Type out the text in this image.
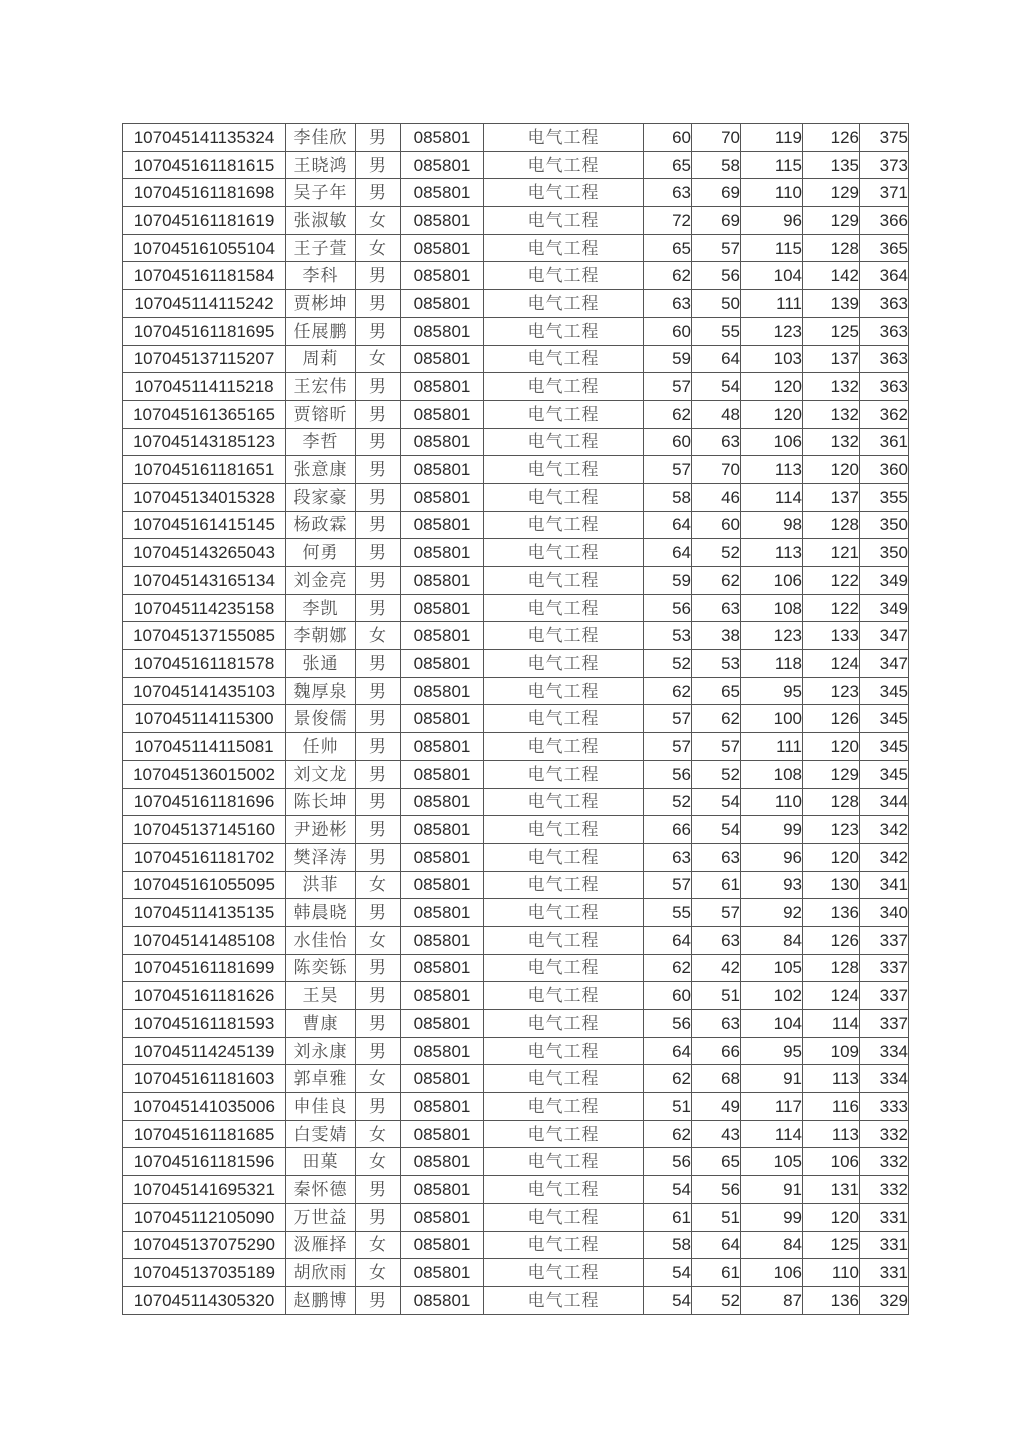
107045141135324	李佳欣	男	085801	电气工程	60	70	119	126	375
107045161181615	王晓鸿	男	085801	电气工程	65	58	115	135	373
107045161181698	吴子年	男	085801	电气工程	63	69	110	129	371
107045161181619	张淑敏	女	085801	电气工程	72	69	96	129	366
107045161055104	王子萱	女	085801	电气工程	65	57	115	128	365
107045161181584	李科	男	085801	电气工程	62	56	104	142	364
107045114115242	贾彬坤	男	085801	电气工程	63	50	111	139	363
107045161181695	任展鹏	男	085801	电气工程	60	55	123	125	363
107045137115207	周莉	女	085801	电气工程	59	64	103	137	363
107045114115218	王宏伟	男	085801	电气工程	57	54	120	132	363
107045161365165	贾镕昕	男	085801	电气工程	62	48	120	132	362
107045143185123	李哲	男	085801	电气工程	60	63	106	132	361
107045161181651	张意康	男	085801	电气工程	57	70	113	120	360
107045134015328	段家豪	男	085801	电气工程	58	46	114	137	355
107045161415145	杨政霖	男	085801	电气工程	64	60	98	128	350
107045143265043	何勇	男	085801	电气工程	64	52	113	121	350
107045143165134	刘金亮	男	085801	电气工程	59	62	106	122	349
107045114235158	李凯	男	085801	电气工程	56	63	108	122	349
107045137155085	李朝娜	女	085801	电气工程	53	38	123	133	347
107045161181578	张通	男	085801	电气工程	52	53	118	124	347
107045141435103	魏厚泉	男	085801	电气工程	62	65	95	123	345
107045114115300	景俊儒	男	085801	电气工程	57	62	100	126	345
107045114115081	任帅	男	085801	电气工程	57	57	111	120	345
107045136015002	刘文龙	男	085801	电气工程	56	52	108	129	345
107045161181696	陈长坤	男	085801	电气工程	52	54	110	128	344
107045137145160	尹逊彬	男	085801	电气工程	66	54	99	123	342
107045161181702	樊泽涛	男	085801	电气工程	63	63	96	120	342
107045161055095	洪菲	女	085801	电气工程	57	61	93	130	341
107045114135135	韩晨晓	男	085801	电气工程	55	57	92	136	340
107045141485108	水佳怡	女	085801	电气工程	64	63	84	126	337
107045161181699	陈奕铄	男	085801	电气工程	62	42	105	128	337
107045161181626	王昊	男	085801	电气工程	60	51	102	124	337
107045161181593	曹康	男	085801	电气工程	56	63	104	114	337
107045114245139	刘永康	男	085801	电气工程	64	66	95	109	334
107045161181603	郭卓雅	女	085801	电气工程	62	68	91	113	334
107045141035006	申佳良	男	085801	电气工程	51	49	117	116	333
107045161181685	白雯婧	女	085801	电气工程	62	43	114	113	332
107045161181596	田菓	女	085801	电气工程	56	65	105	106	332
107045141695321	秦怀德	男	085801	电气工程	54	56	91	131	332
107045112105090	万世益	男	085801	电气工程	61	51	99	120	331
107045137075290	汲雁择	女	085801	电气工程	58	64	84	125	331
107045137035189	胡欣雨	女	085801	电气工程	54	61	106	110	331
107045114305320	赵鹏博	男	085801	电气工程	54	52	87	136	329
